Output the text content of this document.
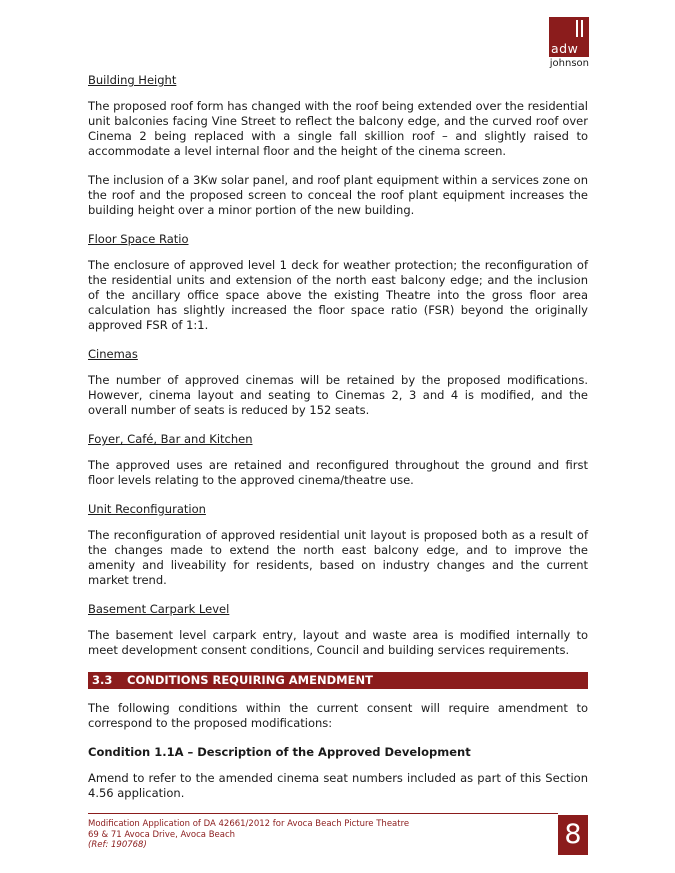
adw
johnson
Building Height

The proposed roof form has changed with the roof being extended over the residential unit balconies facing Vine Street to reflect the balcony edge, and the curved roof over Cinema 2 being replaced with a single fall skillion roof – and slightly raised to accommodate a level internal floor and the height of the cinema screen.

The inclusion of a 3Kw solar panel, and roof plant equipment within a services zone on the roof and the proposed screen to conceal the roof plant equipment increases the building height over a minor portion of the new building.

Floor Space Ratio

The enclosure of approved level 1 deck for weather protection; the reconfiguration of the residential units and extension of the north east balcony edge; and the inclusion of the ancillary office space above the existing Theatre into the gross floor area calculation has slightly increased the floor space ratio (FSR) beyond the originally approved FSR of 1:1.

Cinemas

The number of approved cinemas will be retained by the proposed modifications. However, cinema layout and seating to Cinemas 2, 3 and 4 is modified, and the overall number of seats is reduced by 152 seats.

Foyer, Café, Bar and Kitchen

The approved uses are retained and reconfigured throughout the ground and first floor levels relating to the approved cinema/theatre use.

Unit Reconfiguration

The reconfiguration of approved residential unit layout is proposed both as a result of the changes made to extend the north east balcony edge, and to improve the amenity and liveability for residents, based on industry changes and the current market trend.

Basement Carpark Level

The basement level carpark entry, layout and waste area is modified internally to meet development consent conditions, Council and building services requirements.

3.3 CONDITIONS REQUIRING AMENDMENT

The following conditions within the current consent will require amendment to correspond to the proposed modifications:

Condition 1.1A – Description of the Approved Development

Amend to refer to the amended cinema seat numbers included as part of this Section 4.56 application.

Modification Application of DA 42661/2012 for Avoca Beach Picture Theatre
69 & 71 Avoca Drive, Avoca Beach
(Ref: 190768)	8
